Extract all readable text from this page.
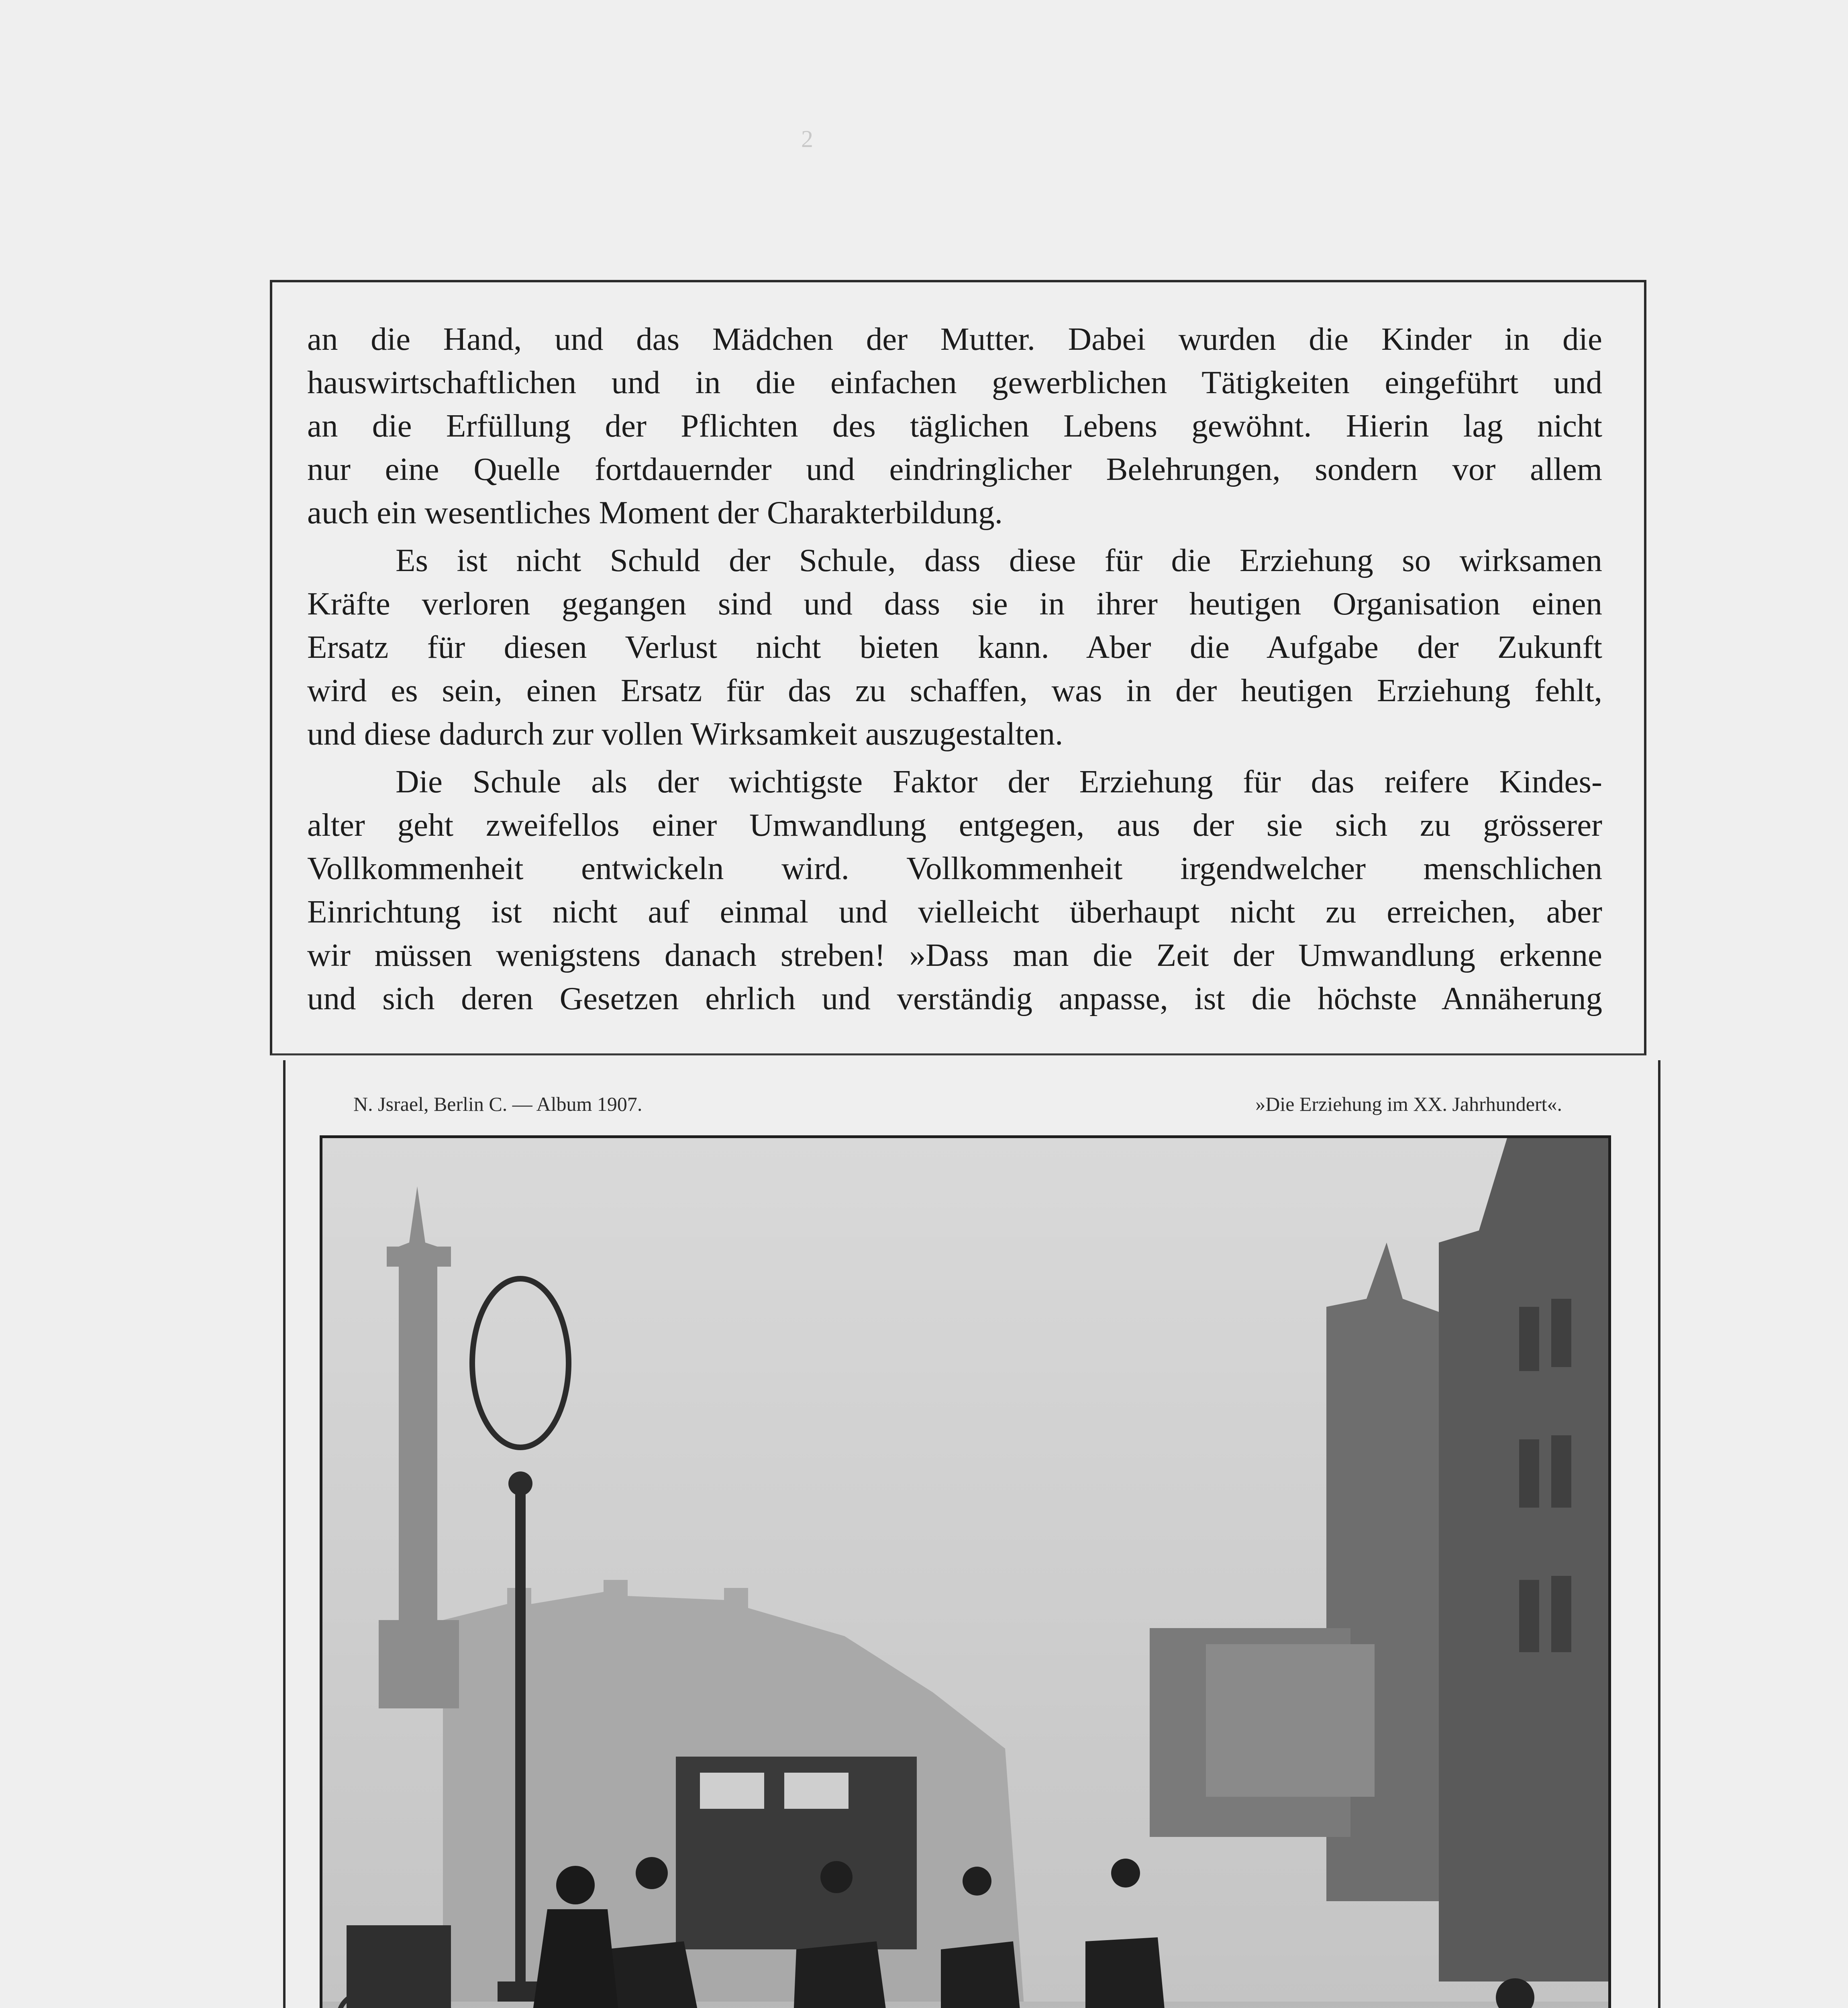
2

an die Hand, und das Mädchen der Mutter. Dabei wurden die Kinder in die
hauswirtschaftlichen und in die einfachen gewerblichen Tätigkeiten eingeführt und
an die Erfüllung der Pflichten des täglichen Lebens gewöhnt. Hierin lag nicht
nur eine Quelle fortdauernder und eindringlicher Belehrungen, sondern vor allem
auch ein wesentliches Moment der Charakterbildung.

Es ist nicht Schuld der Schule, dass diese für die Erziehung so wirksamen
Kräfte verloren gegangen sind und dass sie in ihrer heutigen Organisation einen
Ersatz für diesen Verlust nicht bieten kann. Aber die Aufgabe der Zukunft
wird es sein, einen Ersatz für das zu schaffen, was in der heutigen Erziehung fehlt,
und diese dadurch zur vollen Wirksamkeit auszugestalten.

Die Schule als der wichtigste Faktor der Erziehung für das reifere Kindes-
alter geht zweifellos einer Umwandlung entgegen, aus der sie sich zu grösserer
Vollkommenheit entwickeln wird. Vollkommenheit irgendwelcher menschlichen
Einrichtung ist nicht auf einmal und vielleicht überhaupt nicht zu erreichen, aber
wir müssen wenigstens danach streben! »Dass man die Zeit der Umwandlung erkenne
und sich deren Gesetzen ehrlich und verständig anpasse, ist die höchste Annäherung

N. Jsrael, Berlin C. — Album 1907.	»Die Erziehung im XX. Jahrhundert«.
